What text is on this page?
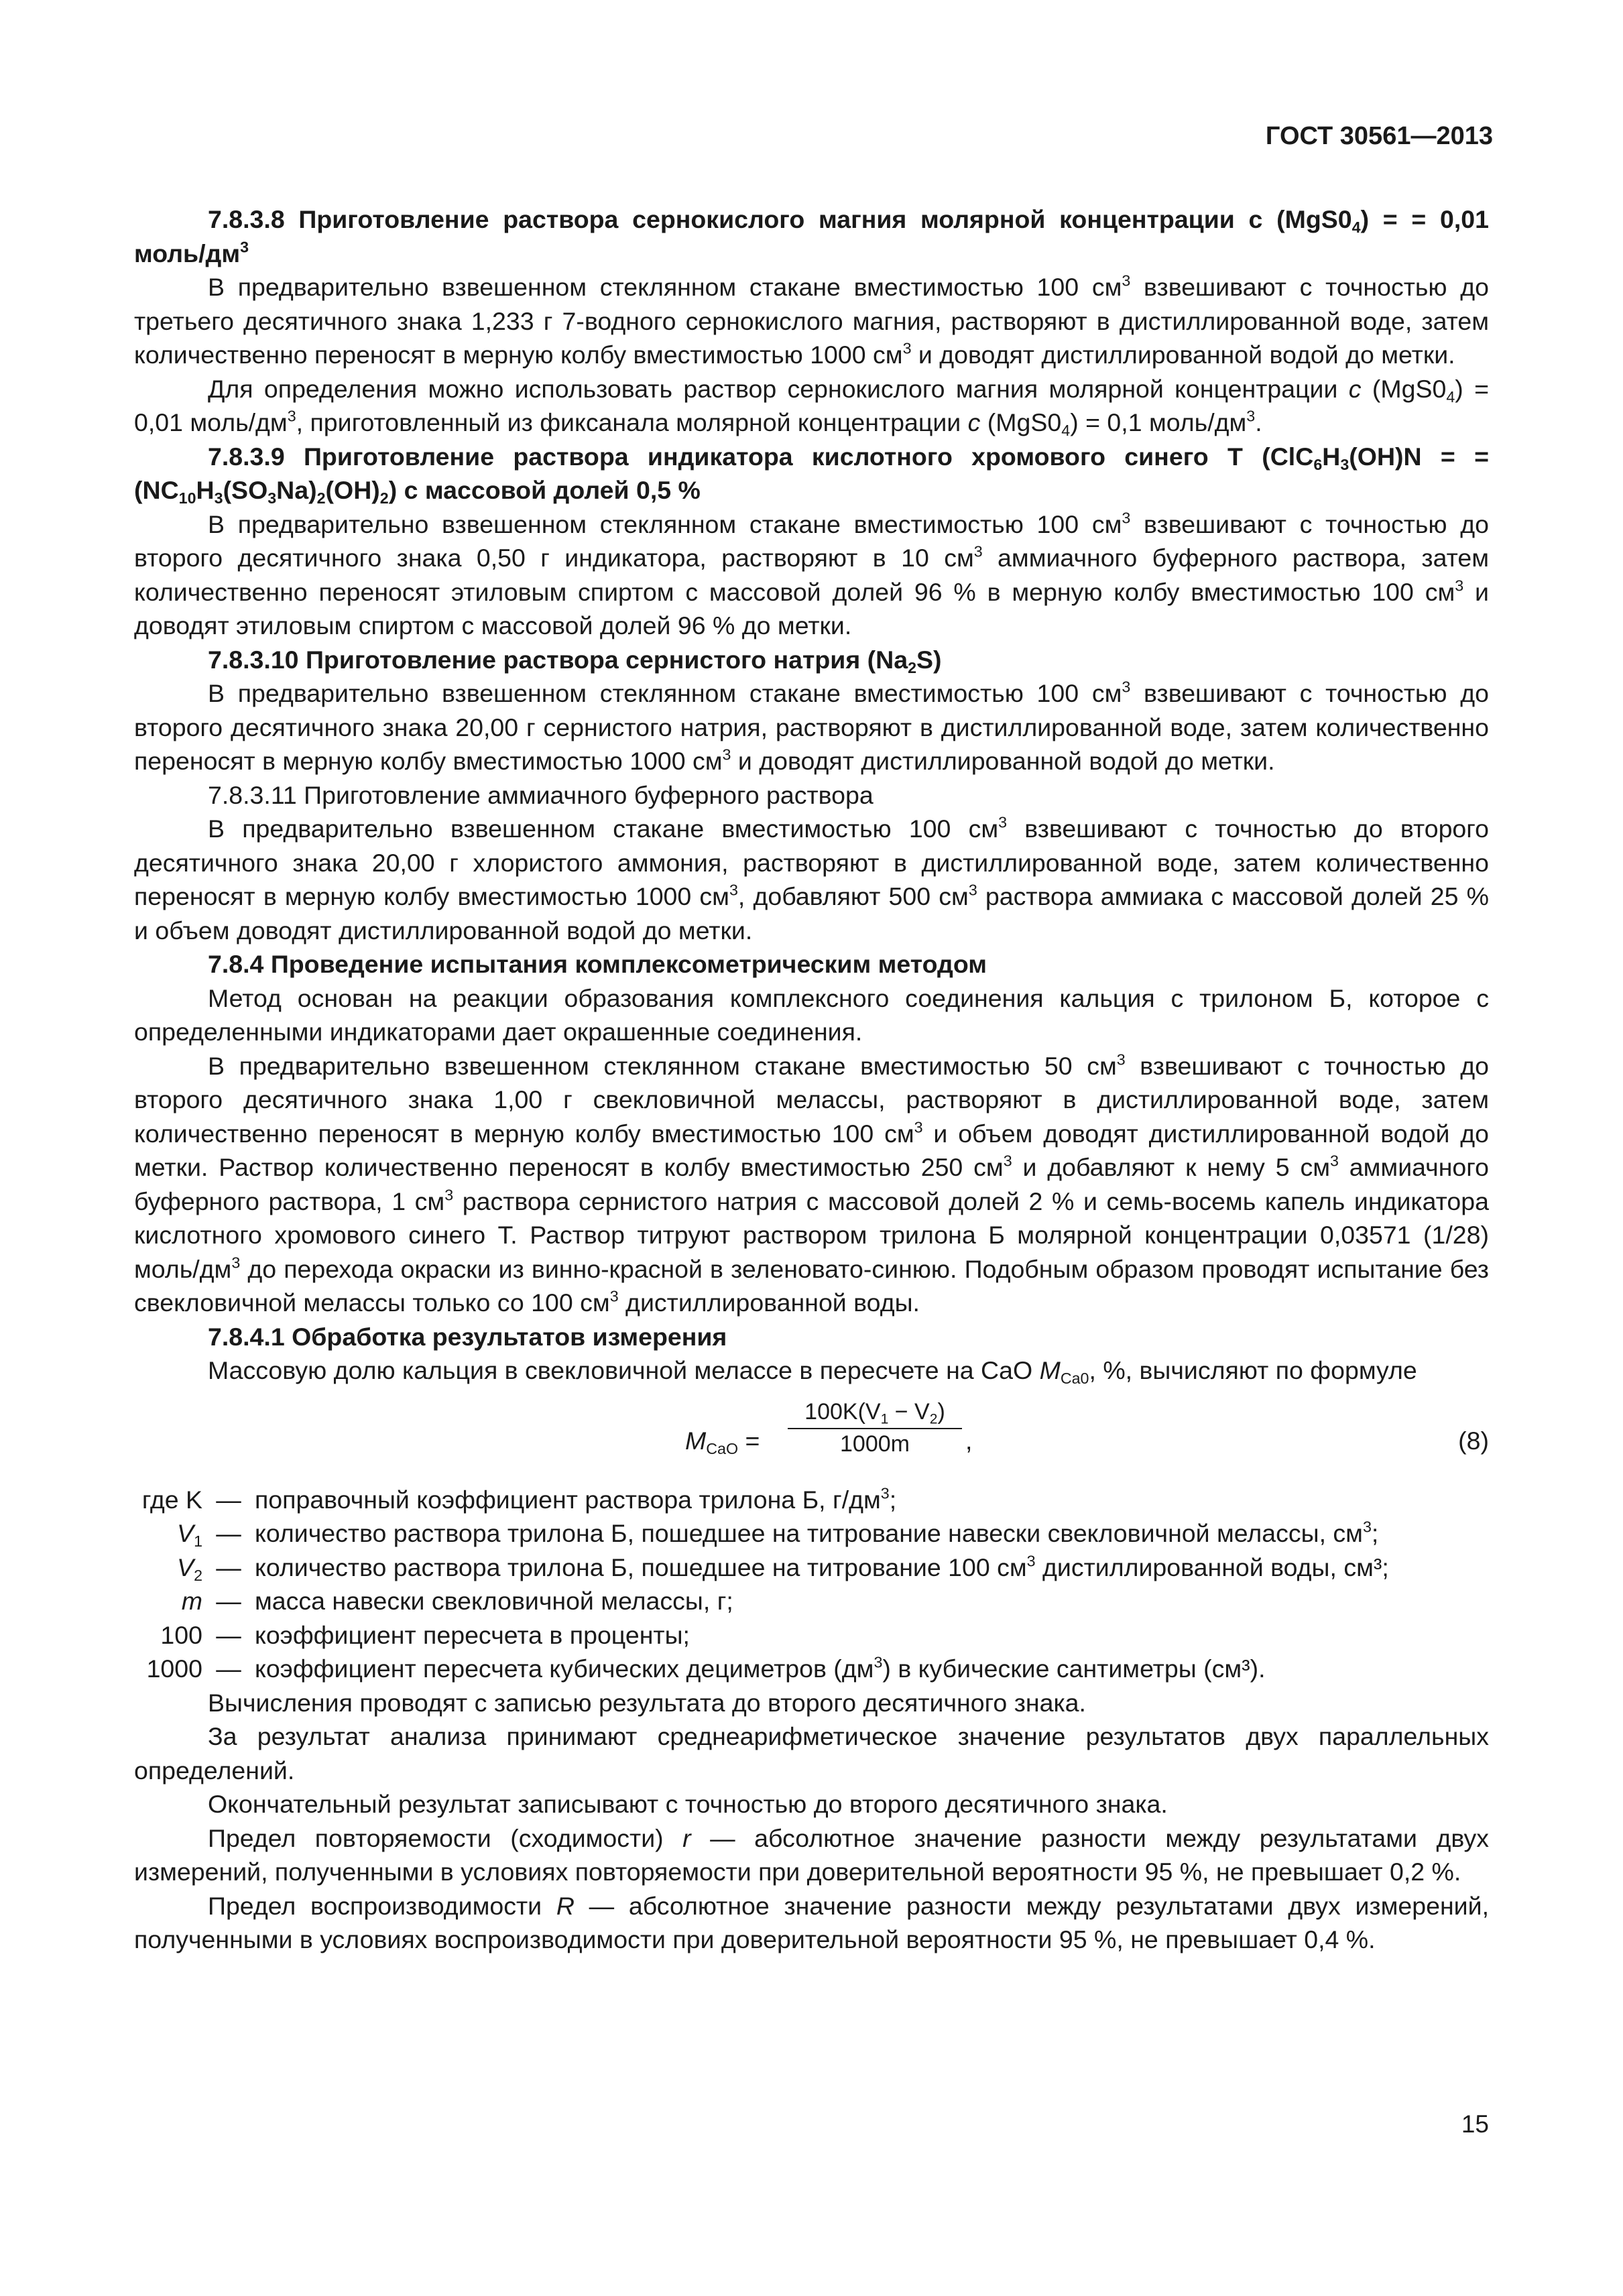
ГОСТ 30561—2013

7.8.3.8 Приготовление раствора сернокислого магния молярной концентрации с $(MgS0_4)$ = = 0,01 моль/$дм^3$

В предварительно взвешенном стеклянном стакане вместимостью 100 $см^3$ взвешивают с точностью до третьего десятичного знака 1,233 г 7-водного сернокислого магния, растворяют в дистиллированной воде, затем количественно переносят в мерную колбу вместимостью 1000 $см^3$ и доводят дистиллированной водой до метки.

Для определения можно использовать раствор сернокислого магния молярной концентрации c $(MgS0_4) = 0,01$ моль/$дм^3$, приготовленный из фиксанала молярной концентрации c $(MgS0_4) = 0,1$ моль/$дм^3$.

7.8.3.9 Приготовление раствора индикатора кислотного хромового синего Т ($ClC_6H_3(OH)N$ = = $(NC_{10}H_3(SO_3Na)_2(OH)_2)$ с массовой долей 0,5 %

В предварительно взвешенном стеклянном стакане вместимостью 100 $см^3$ взвешивают с точностью до второго десятичного знака 0,50 г индикатора, растворяют в 10 $см^3$ аммиачного буферного раствора, затем количественно переносят этиловым спиртом с массовой долей 96 % в мерную колбу вместимостью 100 $см^3$ и доводят этиловым спиртом с массовой долей 96 % до метки.

7.8.3.10 Приготовление раствора сернистого натрия $(Na_2S)$

В предварительно взвешенном стеклянном стакане вместимостью 100 $см^3$ взвешивают с точностью до второго десятичного знака 20,00 г сернистого натрия, растворяют в дистиллированной воде, затем количественно переносят в мерную колбу вместимостью 1000 $см^3$ и доводят дистиллированной водой до метки.

7.8.3.11 Приготовление аммиачного буферного раствора

В предварительно взвешенном стакане вместимостью 100 $см^3$ взвешивают с точностью до второго десятичного знака 20,00 г хлористого аммония, растворяют в дистиллированной воде, затем количественно переносят в мерную колбу вместимостью 1000 $см^3$, добавляют 500 $см^3$ раствора аммиака с массовой долей 25 % и объем доводят дистиллированной водой до метки.

7.8.4 Проведение испытания комплексометрическим методом

Метод основан на реакции образования комплексного соединения кальция с трилоном Б, которое с определенными индикаторами дает окрашенные соединения.

В предварительно взвешенном стеклянном стакане вместимостью 50 $см^3$ взвешивают с точностью до второго десятичного знака 1,00 г свекловичной мелассы, растворяют в дистиллированной воде, затем количественно переносят в мерную колбу вместимостью 100 $см^3$ и объем доводят дистиллированной водой до метки. Раствор количественно переносят в колбу вместимостью 250 $см^3$ и добавляют к нему 5 $см^3$ аммиачного буферного раствора, 1 $см^3$ раствора сернистого натрия с массовой долей 2 % и семь-восемь капель индикатора кислотного хромового синего Т. Раствор титруют раствором трилона Б молярной концентрации 0,03571 (1/28) моль/$дм^3$ до перехода окраски из винно-красной в зеленовато-синюю. Подобным образом проводят испытание без свекловичной мелассы только со 100 $см^3$ дистиллированной воды.

7.8.4.1 Обработка результатов измерения

Массовую долю кальция в свекловичной мелассе в пересчете на CaO $M_{Ca0}$, %, вычисляют по формуле

$M_{CaO} = \frac{100K(V_1 - V_2)}{1000m}$ ,	(8)
где K — поправочный коэффициент раствора трилона Б, $г/дм^3$;
$V_1$ — количество раствора трилона Б, пошедшее на титрование навески свекловичной мелассы, $см^3$;
$V_2$ — количество раствора трилона Б, пошедшее на титрование 100 $см^3$ дистиллированной воды, см³;
m — масса навески свекловичной мелассы, г;
100 — коэффициент пересчета в проценты;
1000 — коэффициент пересчета кубических дециметров $(дм^3)$ в кубические сантиметры (см³).

Вычисления проводят с записью результата до второго десятичного знака.

За результат анализа принимают среднеарифметическое значение результатов двух параллельных определений.

Окончательный результат записывают с точностью до второго десятичного знака.

Предел повторяемости (сходимости) r — абсолютное значение разности между результатами двух измерений, полученными в условиях повторяемости при доверительной вероятности 95 %, не превышает 0,2 %.

Предел воспроизводимости R — абсолютное значение разности между результатами двух измерений, полученными в условиях воспроизводимости при доверительной вероятности 95 %, не превышает 0,4 %.

15
